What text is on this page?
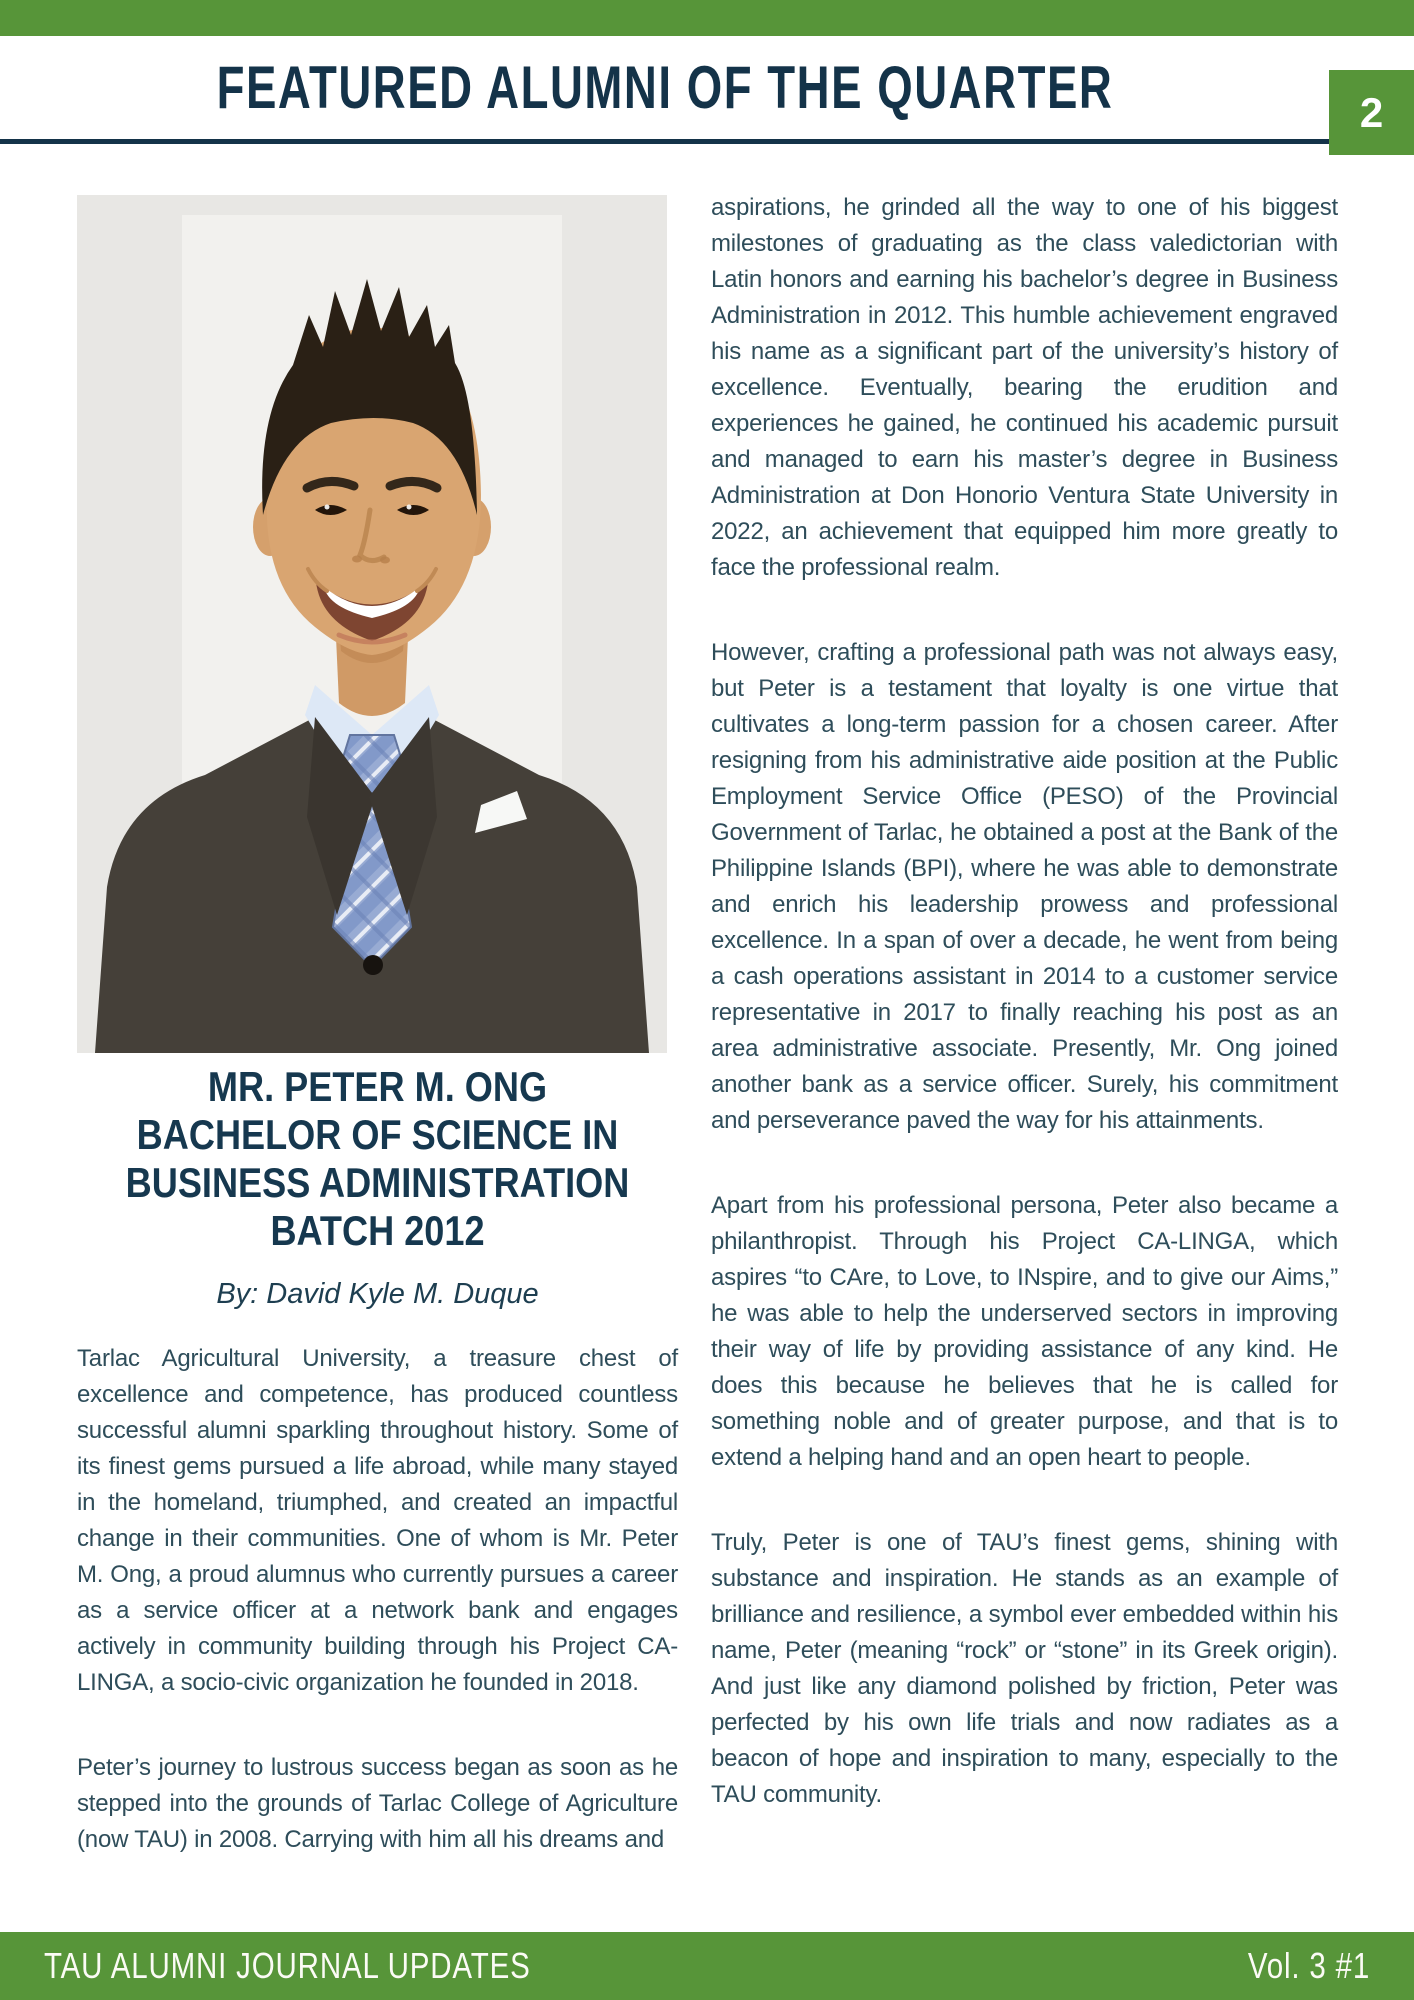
FEATURED ALUMNI OF THE QUARTER	2
MR. PETER M. ONG
BACHELOR OF SCIENCE IN
BUSINESS ADMINISTRATION
BATCH 2012
By: David Kyle M. Duque

Tarlac Agricultural University, a treasure chest of excellence and competence, has produced countless successful alumni sparkling throughout history. Some of its finest gems pursued a life abroad, while many stayed in the homeland, triumphed, and created an impactful change in their communities. One of whom is Mr. Peter M. Ong, a proud alumnus who currently pursues a career as a service officer at a network bank and engages actively in community building through his Project CA-LINGA, a socio-civic organization he founded in 2018.

Peter’s journey to lustrous success began as soon as he stepped into the grounds of Tarlac College of Agriculture (now TAU) in 2008. Carrying with him all his dreams and

aspirations, he grinded all the way to one of his biggest milestones of graduating as the class valedictorian with Latin honors and earning his bachelor’s degree in Business Administration in 2012. This humble achievement engraved his name as a significant part of the university’s history of excellence. Eventually, bearing the erudition and experiences he gained, he continued his academic pursuit and managed to earn his master’s degree in Business Administration at Don Honorio Ventura State University in 2022, an achievement that equipped him more greatly to face the professional realm.

However, crafting a professional path was not always easy, but Peter is a testament that loyalty is one virtue that cultivates a long-term passion for a chosen career. After resigning from his administrative aide position at the Public Employment Service Office (PESO) of the Provincial Government of Tarlac, he obtained a post at the Bank of the Philippine Islands (BPI), where he was able to demonstrate and enrich his leadership prowess and professional excellence. In a span of over a decade, he went from being a cash operations assistant in 2014 to a customer service representative in 2017 to finally reaching his post as an area administrative associate. Presently, Mr. Ong joined another bank as a service officer. Surely, his commitment and perseverance paved the way for his attainments.

Apart from his professional persona, Peter also became a philanthropist. Through his Project CA-LINGA, which aspires “to CAre, to Love, to INspire, and to give our Aims,” he was able to help the underserved sectors in improving their way of life by providing assistance of any kind. He does this because he believes that he is called for something noble and of greater purpose, and that is to extend a helping hand and an open heart to people.

Truly, Peter is one of TAU’s finest gems, shining with substance and inspiration. He stands as an example of brilliance and resilience, a symbol ever embedded within his name, Peter (meaning “rock” or “stone” in its Greek origin). And just like any diamond polished by friction, Peter was perfected by his own life trials and now radiates as a beacon of hope and inspiration to many, especially to the TAU community.

TAU ALUMNI JOURNAL UPDATES	Vol. 3 #1
